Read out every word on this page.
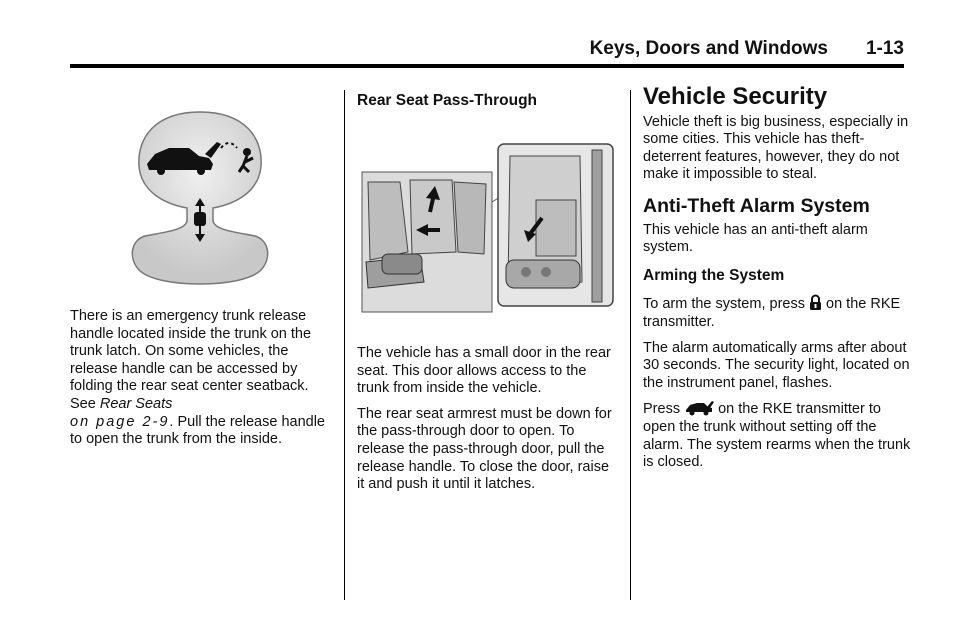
Keys, Doors and Windows 1-13
There is an emergency trunk release handle located inside the trunk on the trunk latch. On some vehicles, the release handle can be accessed by folding the rear seat center seatback. See Rear Seats
on page 2-9. Pull the release handle to open the trunk from the inside.
Rear Seat Pass-Through

The vehicle has a small door in the rear seat. This door allows access to the trunk from inside the vehicle.

The rear seat armrest must be down for the pass-through door to open. To release the pass-through door, pull the release handle. To close the door, raise it and push it until it latches.

Vehicle Security

Vehicle theft is big business, especially in some cities. This vehicle has theft-deterrent features, however, they do not make it impossible to steal.

Anti-Theft Alarm System

This vehicle has an anti-theft alarm system.

Arming the System

To arm the system, press  on the RKE transmitter.

The alarm automatically arms after about 30 seconds. The security light, located on the instrument panel, flashes.

Press  on the RKE transmitter to open the trunk without setting off the alarm. The system rearms when the trunk is closed.
